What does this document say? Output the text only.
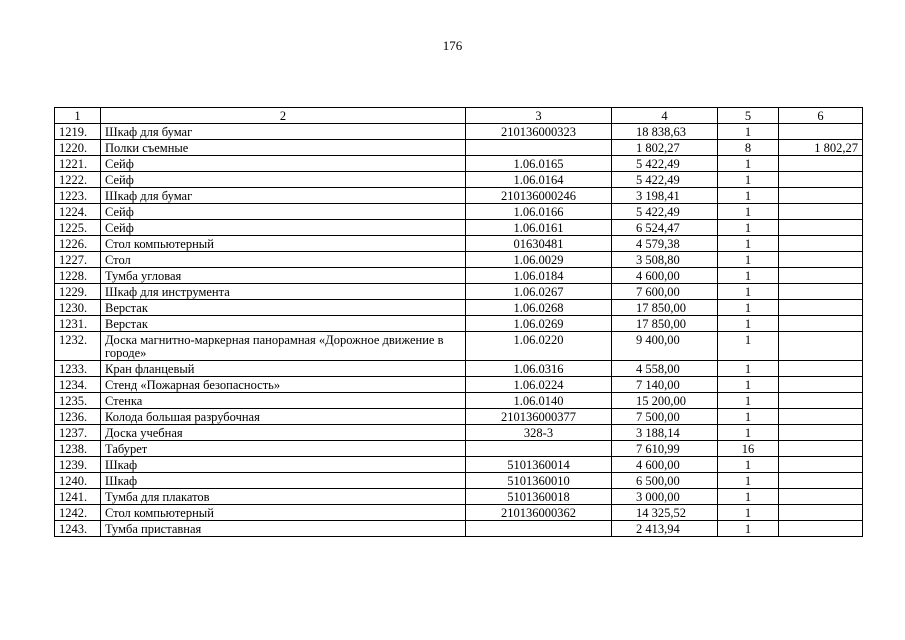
176
1	2	3	4	5	6
1219.	Шкаф для бумаг	210136000323	18 838,63	1	
1220.	Полки съемные		1 802,27	8	1 802,27
1221.	Сейф	1.06.0165	5 422,49	1	
1222.	Сейф	1.06.0164	5 422,49	1	
1223.	Шкаф для бумаг	210136000246	3 198,41	1	
1224.	Сейф	1.06.0166	5 422,49	1	
1225.	Сейф	1.06.0161	6 524,47	1	
1226.	Стол компьютерный	01630481	4 579,38	1	
1227.	Стол	1.06.0029	3 508,80	1	
1228.	Тумба угловая	1.06.0184	4 600,00	1	
1229.	Шкаф для инструмента	1.06.0267	7 600,00	1	
1230.	Верстак	1.06.0268	17 850,00	1	
1231.	Верстак	1.06.0269	17 850,00	1	
1232.	Доска магнитно-маркерная панорамная «Дорожное движение в городе»	1.06.0220	9 400,00	1	
1233.	Кран фланцевый	1.06.0316	4 558,00	1	
1234.	Стенд «Пожарная безопасность»	1.06.0224	7 140,00	1	
1235.	Стенка	1.06.0140	15 200,00	1	
1236.	Колода большая разрубочная	210136000377	7 500,00	1	
1237.	Доска учебная	328-3	3 188,14	1	
1238.	Табурет		7 610,99	16	
1239.	Шкаф	5101360014	4 600,00	1	
1240.	Шкаф	5101360010	6 500,00	1	
1241.	Тумба для плакатов	5101360018	3 000,00	1	
1242.	Стол компьютерный	210136000362	14 325,52	1	
1243.	Тумба приставная		2 413,94	1	
